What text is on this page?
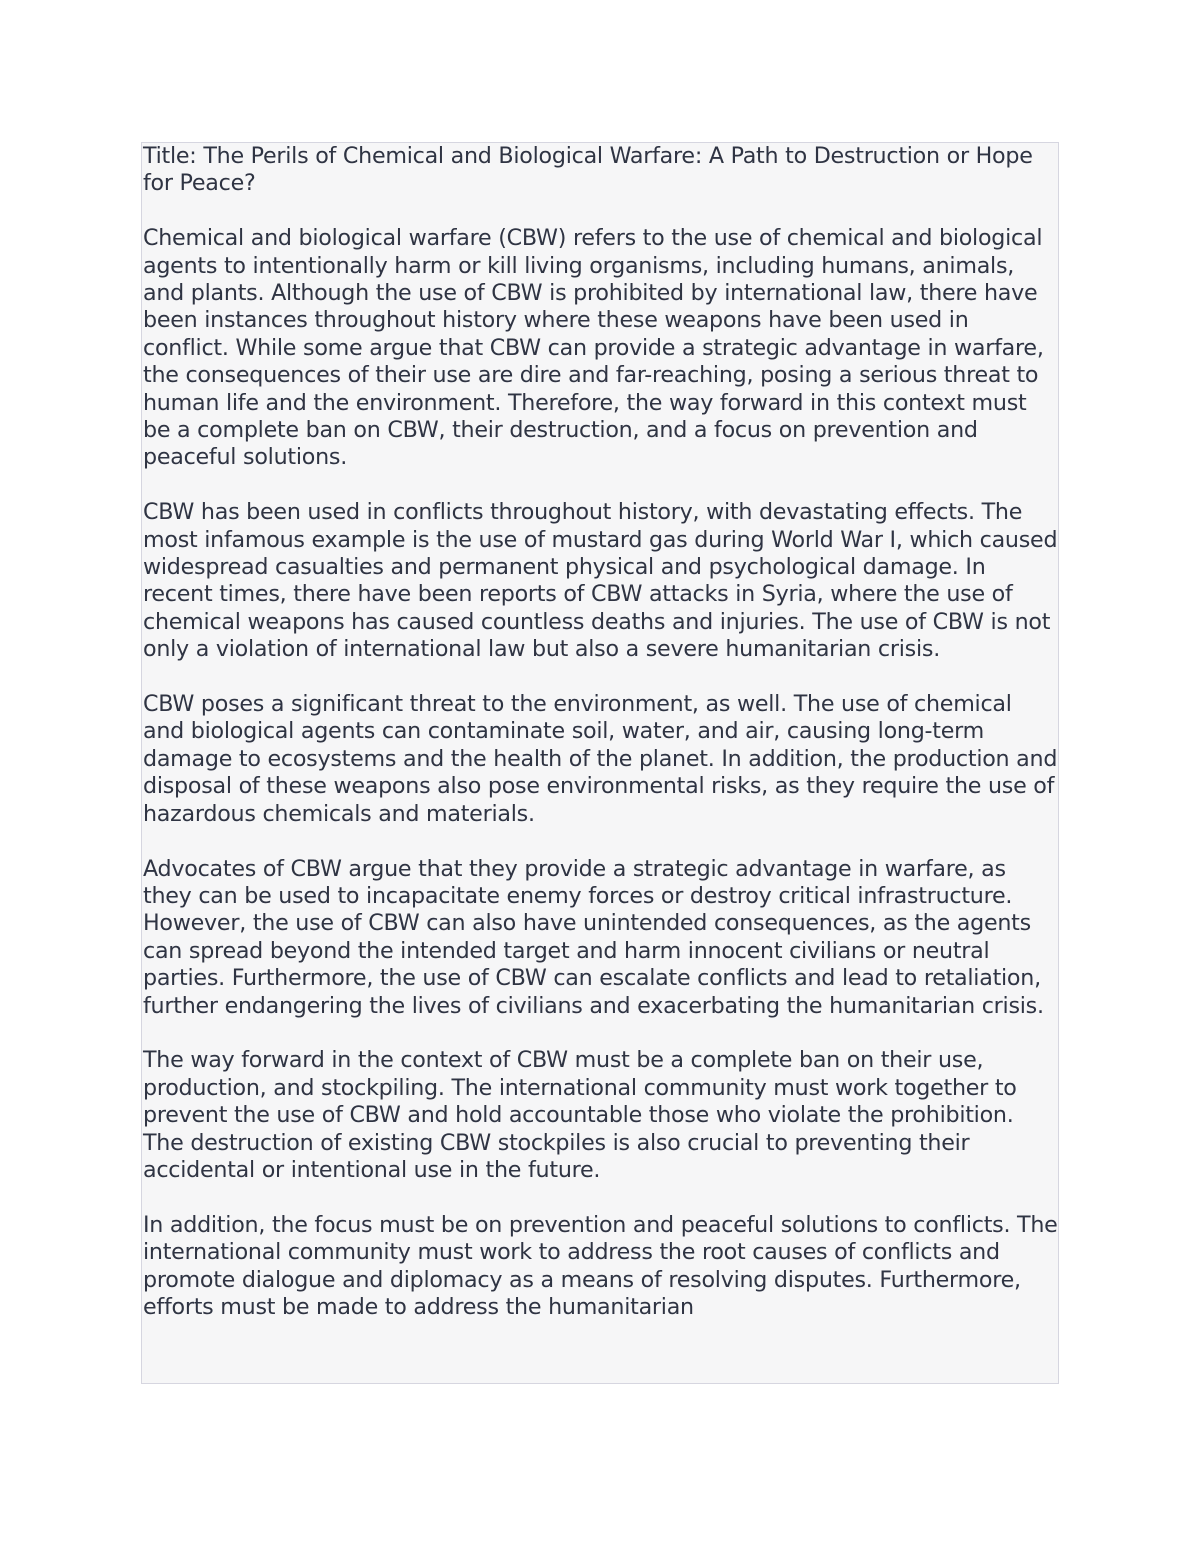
Title: The Perils of Chemical and Biological Warfare: A Path to Destruction or Hope for Peace?

Chemical and biological warfare (CBW) refers to the use of chemical and biological agents to intentionally harm or kill living organisms, including humans, animals, and plants. Although the use of CBW is prohibited by international law, there have been instances throughout history where these weapons have been used in conflict. While some argue that CBW can provide a strategic advantage in warfare, the consequences of their use are dire and far-reaching, posing a serious threat to human life and the environment. Therefore, the way forward in this context must be a complete ban on CBW, their destruction, and a focus on prevention and peaceful solutions.

CBW has been used in conflicts throughout history, with devastating effects. The most infamous example is the use of mustard gas during World War I, which caused widespread casualties and permanent physical and psychological damage. In recent times, there have been reports of CBW attacks in Syria, where the use of chemical weapons has caused countless deaths and injuries. The use of CBW is not only a violation of international law but also a severe humanitarian crisis.

CBW poses a significant threat to the environment, as well. The use of chemical and biological agents can contaminate soil, water, and air, causing long-term damage to ecosystems and the health of the planet. In addition, the production and disposal of these weapons also pose environmental risks, as they require the use of hazardous chemicals and materials.

Advocates of CBW argue that they provide a strategic advantage in warfare, as they can be used to incapacitate enemy forces or destroy critical infrastructure. However, the use of CBW can also have unintended consequences, as the agents can spread beyond the intended target and harm innocent civilians or neutral parties. Furthermore, the use of CBW can escalate conflicts and lead to retaliation, further endangering the lives of civilians and exacerbating the humanitarian crisis.

The way forward in the context of CBW must be a complete ban on their use, production, and stockpiling. The international community must work together to prevent the use of CBW and hold accountable those who violate the prohibition. The destruction of existing CBW stockpiles is also crucial to preventing their accidental or intentional use in the future.

In addition, the focus must be on prevention and peaceful solutions to conflicts. The international community must work to address the root causes of conflicts and promote dialogue and diplomacy as a means of resolving disputes. Furthermore, efforts must be made to address the humanitarian
